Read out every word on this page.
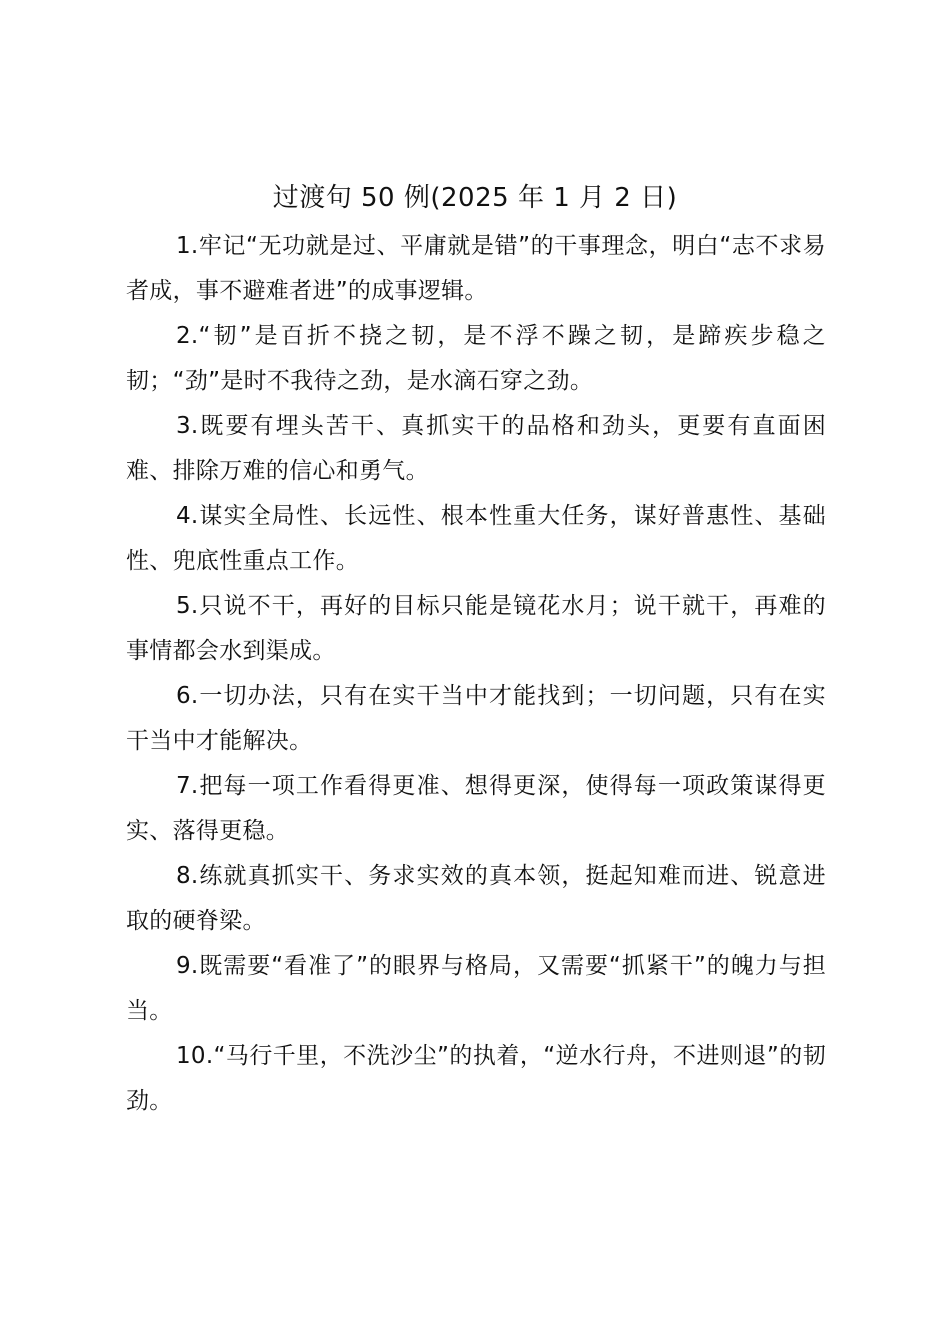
过渡句 50 例(2025 年 1 月 2 日)

1.牢记“无功就是过、平庸就是错”的干事理念，明白“志不求易者成，事不避难者进”的成事逻辑。

2.“韧”是百折不挠之韧，是不浮不躁之韧，是蹄疾步稳之韧；“劲”是时不我待之劲，是水滴石穿之劲。

3.既要有埋头苦干、真抓实干的品格和劲头，更要有直面困难、排除万难的信心和勇气。

4.谋实全局性、长远性、根本性重大任务，谋好普惠性、基础性、兜底性重点工作。

5.只说不干，再好的目标只能是镜花水月；说干就干，再难的事情都会水到渠成。

6.一切办法，只有在实干当中才能找到；一切问题，只有在实干当中才能解决。

7.把每一项工作看得更准、想得更深，使得每一项政策谋得更实、落得更稳。

8.练就真抓实干、务求实效的真本领，挺起知难而进、锐意进取的硬脊梁。

9.既需要“看准了”的眼界与格局，又需要“抓紧干”的魄力与担当。

10.“马行千里，不洗沙尘”的执着，“逆水行舟，不进则退”的韧劲。
